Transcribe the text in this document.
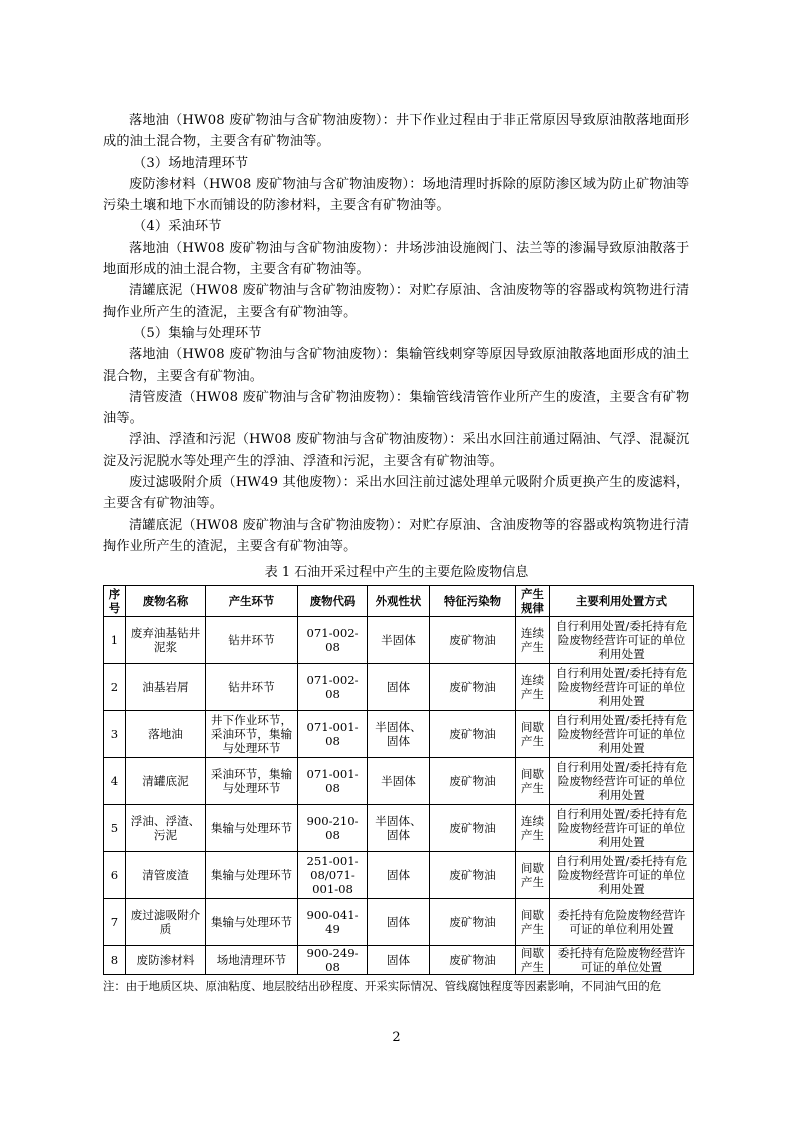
落地油（HW08 废矿物油与含矿物油废物）：井下作业过程由于非正常原因导致原油散落地面形成的油土混合物，主要含有矿物油等。

（3）场地清理环节

废防渗材料（HW08 废矿物油与含矿物油废物）：场地清理时拆除的原防渗区域为防止矿物油等污染土壤和地下水而铺设的防渗材料，主要含有矿物油等。

（4）采油环节

落地油（HW08 废矿物油与含矿物油废物）：井场涉油设施阀门、法兰等的渗漏导致原油散落于地面形成的油土混合物，主要含有矿物油等。

清罐底泥（HW08 废矿物油与含矿物油废物）：对贮存原油、含油废物等的容器或构筑物进行清掏作业所产生的渣泥，主要含有矿物油等。

（5）集输与处理环节

落地油（HW08 废矿物油与含矿物油废物）：集输管线刺穿等原因导致原油散落地面形成的油土混合物，主要含有矿物油。

清管废渣（HW08 废矿物油与含矿物油废物）：集输管线清管作业所产生的废渣，主要含有矿物油等。

浮油、浮渣和污泥（HW08 废矿物油与含矿物油废物）：采出水回注前通过隔油、气浮、混凝沉淀及污泥脱水等处理产生的浮油、浮渣和污泥，主要含有矿物油等。

废过滤吸附介质（HW49 其他废物）：采出水回注前过滤处理单元吸附介质更换产生的废滤料，主要含有矿物油等。

清罐底泥（HW08 废矿物油与含矿物油废物）：对贮存原油、含油废物等的容器或构筑物进行清掏作业所产生的渣泥，主要含有矿物油等。

表 1 石油开采过程中产生的主要危险废物信息
序号	废物名称	产生环节	废物代码	外观性状	特征污染物	产生规律	主要利用处置方式
1	废弃油基钻井泥浆	钻井环节	071-002-08	半固体	废矿物油	连续产生	自行利用处置/委托持有危险废物经营许可证的单位利用处置
2	油基岩屑	钻井环节	071-002-08	固体	废矿物油	连续产生	自行利用处置/委托持有危险废物经营许可证的单位利用处置
3	落地油	井下作业环节，采油环节，集输与处理环节	071-001-08	半固体、固体	废矿物油	间歇产生	自行利用处置/委托持有危险废物经营许可证的单位利用处置
4	清罐底泥	采油环节，集输与处理环节	071-001-08	半固体	废矿物油	间歇产生	自行利用处置/委托持有危险废物经营许可证的单位利用处置
5	浮油、浮渣、污泥	集输与处理环节	900-210-08	半固体、固体	废矿物油	连续产生	自行利用处置/委托持有危险废物经营许可证的单位利用处置
6	清管废渣	集输与处理环节	251-001-08/071-001-08	固体	废矿物油	间歇产生	自行利用处置/委托持有危险废物经营许可证的单位利用处置
7	废过滤吸附介质	集输与处理环节	900-041-49	固体	废矿物油	间歇产生	委托持有危险废物经营许可证的单位利用处置
8	废防渗材料	场地清理环节	900-249-08	固体	废矿物油	间歇产生	委托持有危险废物经营许可证的单位处置
注：由于地质区块、原油粘度、地层胶结出砂程度、开采实际情况、管线腐蚀程度等因素影响，不同油气田的危
2
